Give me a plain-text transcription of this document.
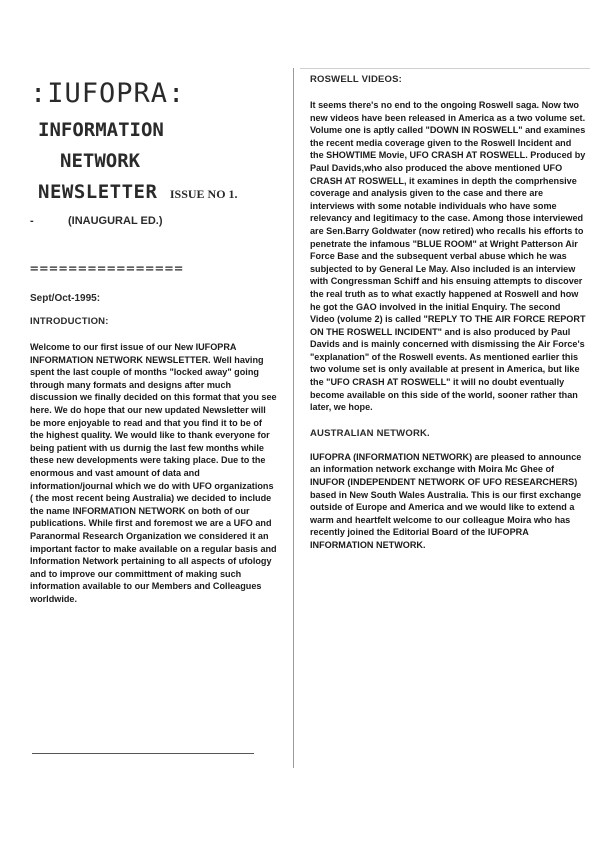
:IUFOPRA:
INFORMATION
NETWORK
NEWSLETTER ISSUE NO 1.
-	(INAUGURAL ED.)
================
Sept/Oct-1995:
INTRODUCTION:

Welcome to our first issue of our New IUFOPRA INFORMATION NETWORK NEWSLETTER. Well having spent the last couple of months "locked away" going through many formats and designs after much discussion we finally decided on this format that you see here. We do hope that our new updated Newsletter will be more enjoyable to read and that you find it to be of the highest quality. We would like to thank everyone for being patient with us durnig the last few months while these new developments were taking place. Due to the enormous and vast amount of data and information/journal which we do with UFO organizations ( the most recent being Australia) we decided to include the name INFORMATION NETWORK on both of our publications. While first and foremost we are a UFO and Paranormal Research Organization we considered it an important factor to make available on a regular basis and Information Network pertaining to all aspects of ufology and to improve our committment of making such information available to our Members and Colleagues worldwide.

ROSWELL VIDEOS:

It seems there's no end to the ongoing Roswell saga. Now two new videos have been released in America as a two volume set. Volume one is aptly called "DOWN IN ROSWELL" and examines the recent media coverage given to the Roswell Incident and the SHOWTIME Movie, UFO CRASH AT ROSWELL. Produced by Paul Davids,who also produced the above mentioned UFO CRASH AT ROSWELL, it examines in depth the comprhensive coverage and analysis given to the case and there are interviews with some notable individuals who have some relevancy and legitimacy to the case. Among those interviewed are Sen.Barry Goldwater (now retired) who recalls his efforts to penetrate the infamous "BLUE ROOM" at Wright Patterson Air Force Base and the subsequent verbal abuse which he was subjected to by General Le May. Also included is an interview with Congressman Schiff and his ensuing attempts to discover the real truth as to what exactly happened at Roswell and how he got the GAO involved in the initial Enquiry. The second Video (volume 2) is called "REPLY TO THE AIR FORCE REPORT ON THE ROSWELL INCIDENT" and is also produced by Paul Davids and is mainly concerned with dismissing the Air Force's "explanation" of the Roswell events. As mentioned earlier this two volume set is only available at present in America, but like the "UFO CRASH AT ROSWELL" it will no doubt eventually become available on this side of the world, sooner rather than later, we hope.

AUSTRALIAN NETWORK.

IUFOPRA (INFORMATION NETWORK) are pleased to announce an information network exchange with Moira Mc Ghee of INUFOR (INDEPENDENT NETWORK OF UFO RESEARCHERS) based in New South Wales Australia. This is our first exchange outside of Europe and America and we would like to extend a warm and heartfelt welcome to our colleague Moira who has recently joined the Editorial Board of the IUFOPRA INFORMATION NETWORK.
